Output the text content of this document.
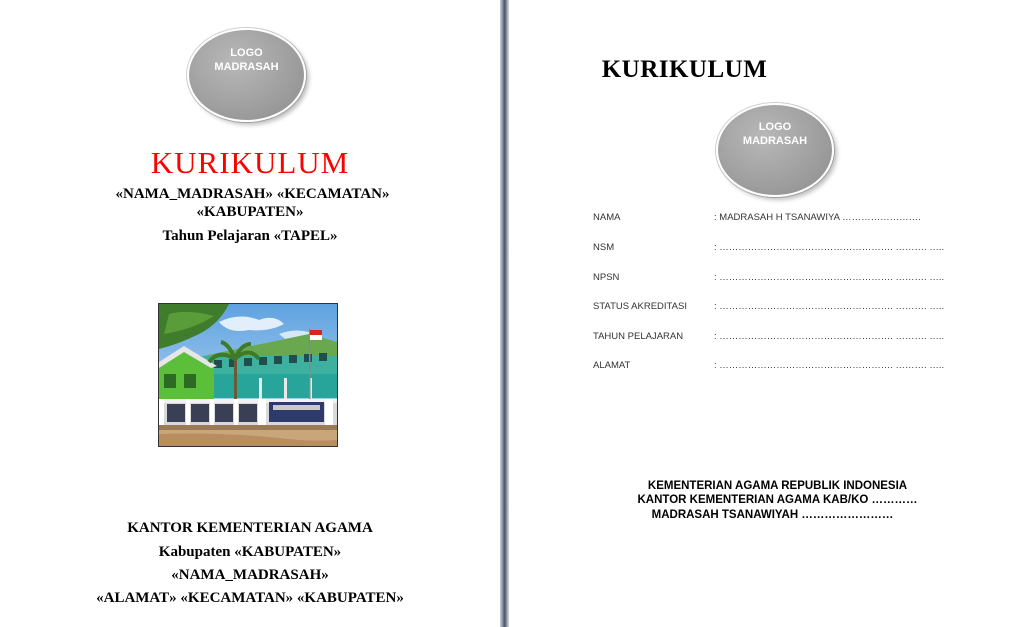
LOGO
MADRASAH
KURIKULUM
«NAMA_MADRASAH» «KECAMATAN»
«KABUPATEN»
Tahun Pelajaran «TAPEL»
KANTOR KEMENTERIAN AGAMA
Kabupaten «KABUPATEN»
«NAMA_MADRASAH»
«ALAMAT» «KECAMATAN» «KABUPATEN»
KURIKULUM
LOGO
MADRASAH
NAMA	: MADRASAH H TSANAWIYA …………………….
NSM	: ………………………………………………. ………. …..
NPSN	: ………………………………………………. ………. …..
STATUS AKREDITASI	: ………………………………………………. ………. …..
TAHUN PELAJARAN	: ………………………………………………. ………. …..
ALAMAT	: ………………………………………………. ………. …..
KEMENTERIAN AGAMA REPUBLIK INDONESIA
KANTOR KEMENTERIAN AGAMA KAB/KO …………
MADRASAH TSANAWIYAH ……………………
